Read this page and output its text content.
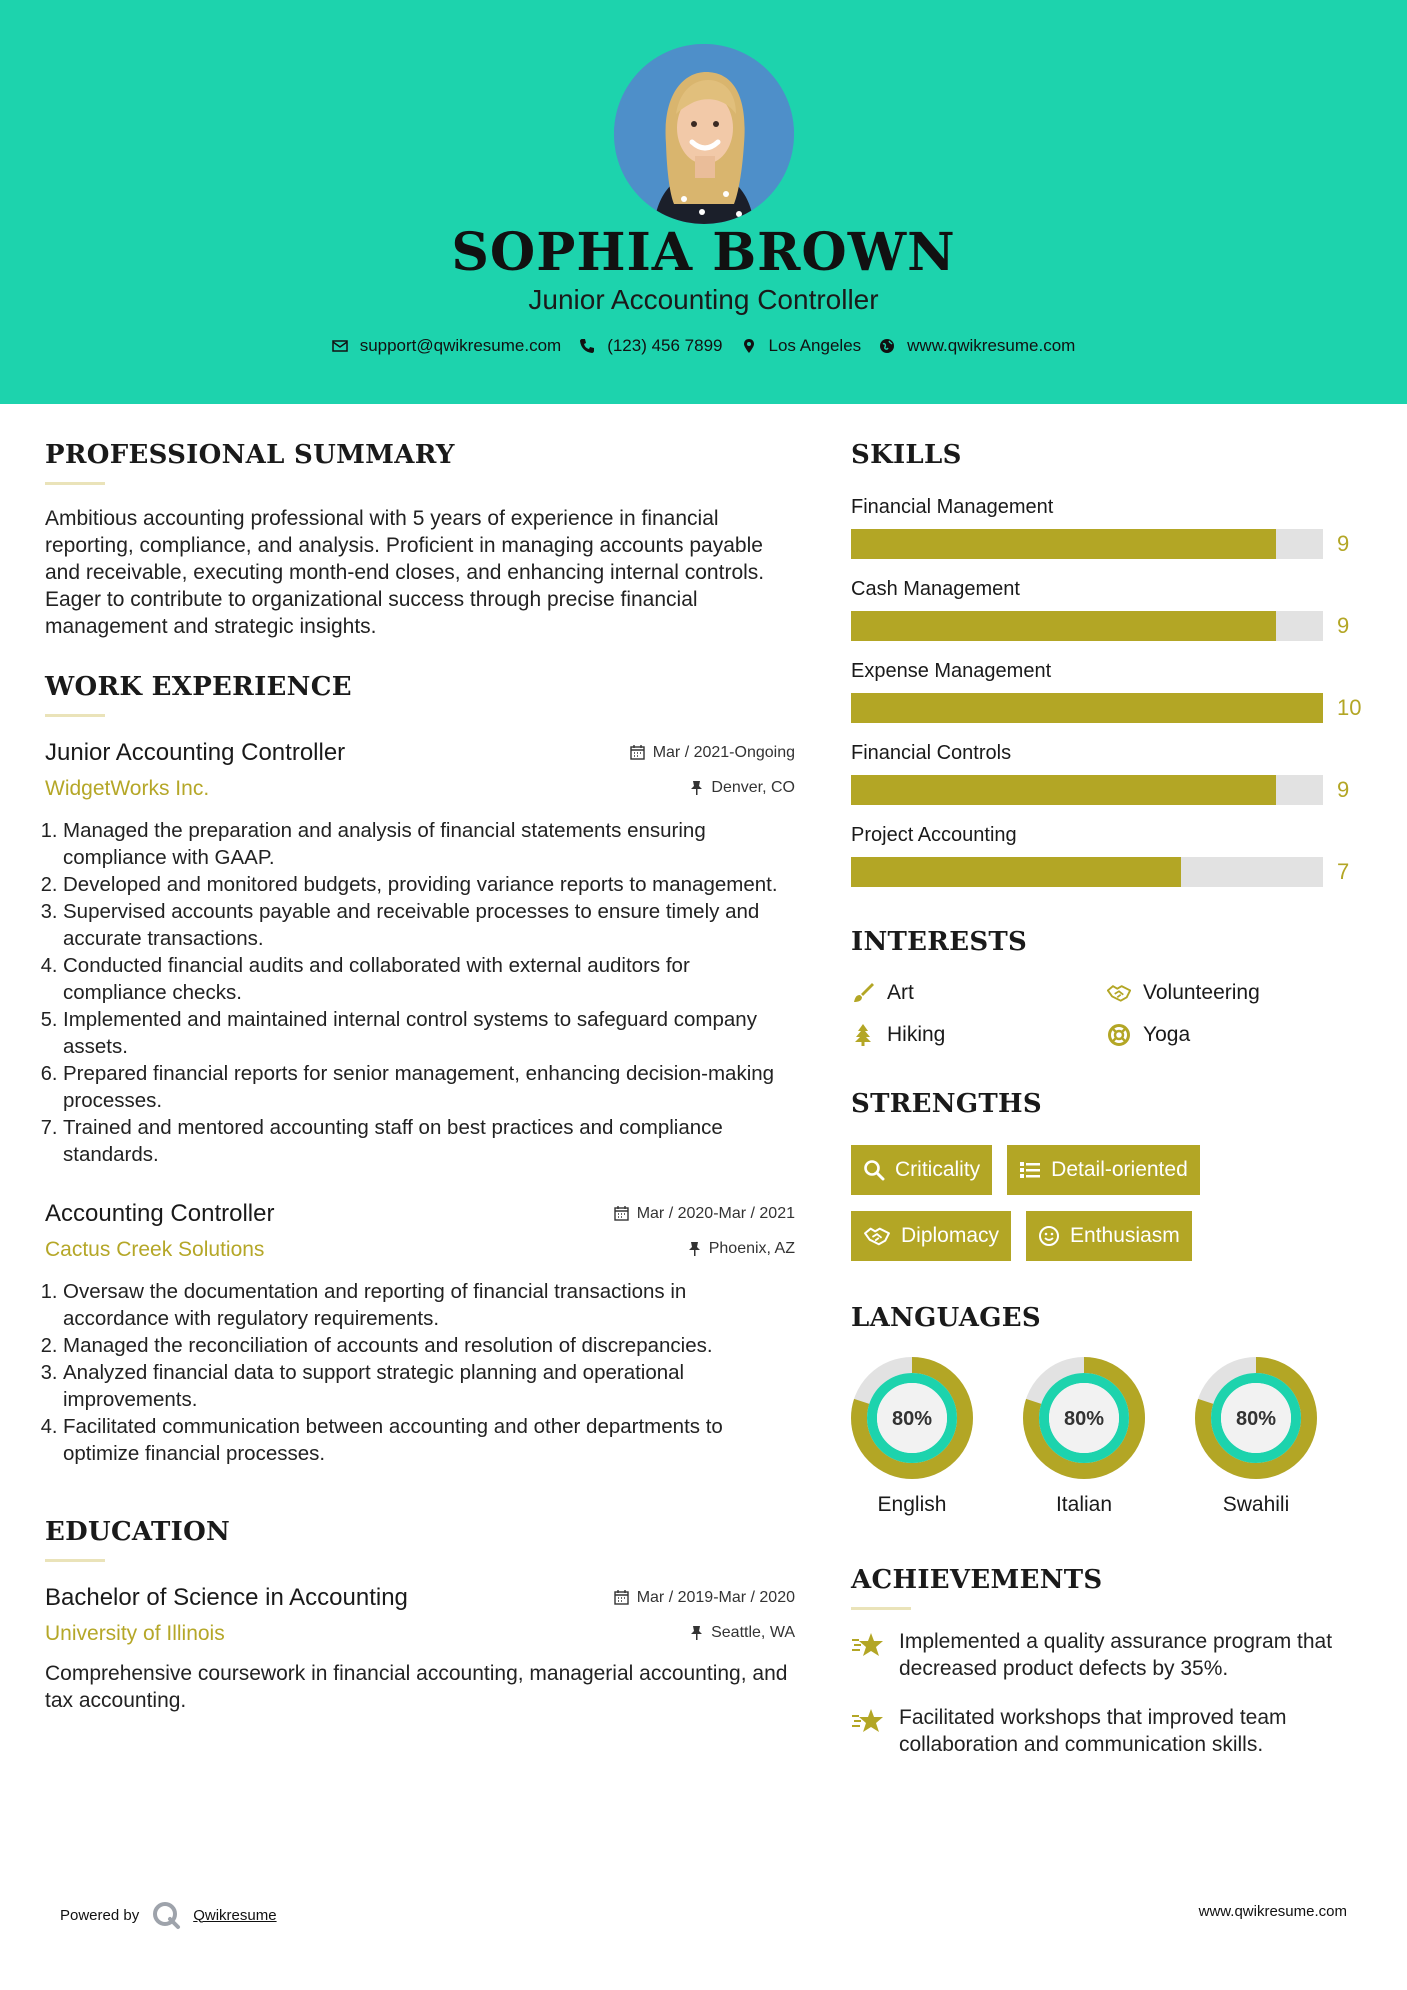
SOPHIA BROWN
Junior Accounting Controller
support@qwikresume.com	(123) 456 7899	Los Angeles	www.qwikresume.com
PROFESSIONAL SUMMARY

Ambitious accounting professional with 5 years of experience in financial reporting, compliance, and analysis. Proficient in managing accounts payable and receivable, executing month-end closes, and enhancing internal controls. Eager to contribute to organizational success through precise financial management and strategic insights.

WORK EXPERIENCE
Junior Accounting Controller	Mar / 2021-Ongoing
WidgetWorks Inc.	Denver, CO
1. Managed the preparation and analysis of financial statements ensuring compliance with GAAP.
2. Developed and monitored budgets, providing variance reports to management.
3. Supervised accounts payable and receivable processes to ensure timely and accurate transactions.
4. Conducted financial audits and collaborated with external auditors for compliance checks.
5. Implemented and maintained internal control systems to safeguard company assets.
6. Prepared financial reports for senior management, enhancing decision-making processes.
7. Trained and mentored accounting staff on best practices and compliance standards.
Accounting Controller	Mar / 2020-Mar / 2021
Cactus Creek Solutions	Phoenix, AZ
1. Oversaw the documentation and reporting of financial transactions in accordance with regulatory requirements.
2. Managed the reconciliation of accounts and resolution of discrepancies.
3. Analyzed financial data to support strategic planning and operational improvements.
4. Facilitated communication between accounting and other departments to optimize financial processes.
EDUCATION
Bachelor of Science in Accounting	Mar / 2019-Mar / 2020
University of Illinois	Seattle, WA

Comprehensive coursework in financial accounting, managerial accounting, and tax accounting.

SKILLS
Financial Management
9
Cash Management
9
Expense Management
10
Financial Controls
9
Project Accounting
7
INTERESTS
Art	Volunteering
Hiking	Yoga
STRENGTHS
Criticality	Detail-oriented
Diplomacy	Enthusiasm
LANGUAGES
80%
English
80%
Italian
80%
Swahili
ACHIEVEMENTS
Implemented a quality assurance program that decreased product defects by 35%.
Facilitated workshops that improved team collaboration and communication skills.
Powered by	Qwikresume	www.qwikresume.com
